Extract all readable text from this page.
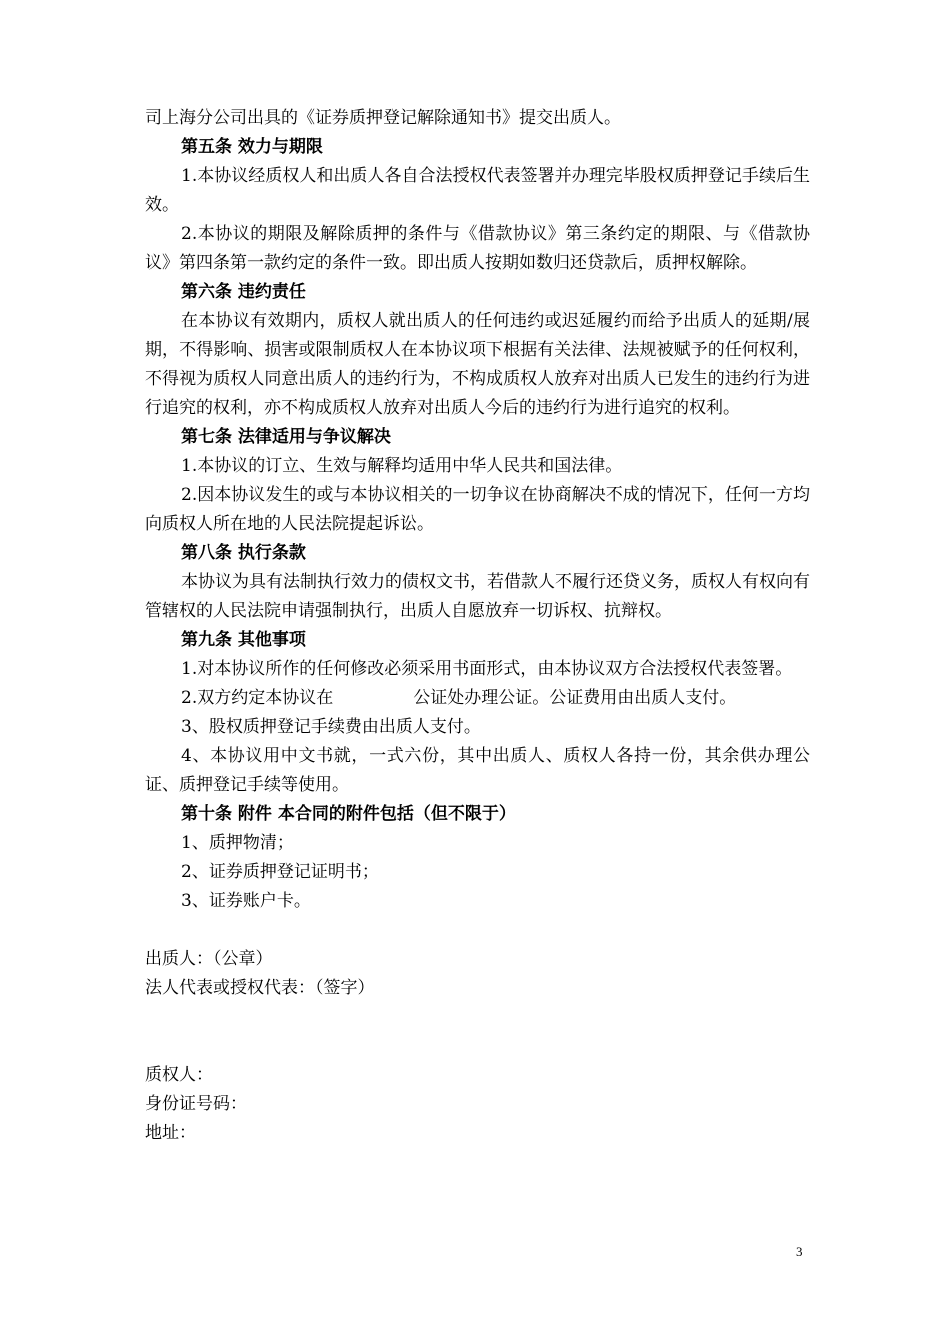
司上海分公司出具的《证券质押登记解除通知书》提交出质人。

第五条 效力与期限

1.本协议经质权人和出质人各自合法授权代表签署并办理完毕股权质押登记手续后生效。

2.本协议的期限及解除质押的条件与《借款协议》第三条约定的期限、与《借款协议》第四条第一款约定的条件一致。即出质人按期如数归还贷款后，质押权解除。

第六条 违约责任

在本协议有效期内，质权人就出质人的任何违约或迟延履约而给予出质人的延期/展期，不得影响、损害或限制质权人在本协议项下根据有关法律、法规被赋予的任何权利，不得视为质权人同意出质人的违约行为，不构成质权人放弃对出质人已发生的违约行为进行追究的权利，亦不构成质权人放弃对出质人今后的违约行为进行追究的权利。

第七条 法律适用与争议解决

1.本协议的订立、生效与解释均适用中华人民共和国法律。

2.因本协议发生的或与本协议相关的一切争议在协商解决不成的情况下，任何一方均向质权人所在地的人民法院提起诉讼。

第八条 执行条款

本协议为具有法制执行效力的债权文书，若借款人不履行还贷义务，质权人有权向有管辖权的人民法院申请强制执行，出质人自愿放弃一切诉权、抗辩权。

第九条 其他事项

1.对本协议所作的任何修改必须采用书面形式，由本协议双方合法授权代表签署。

2.双方约定本协议在	公证处办理公证。公证费用由出质人支付。

3、股权质押登记手续费由出质人支付。

4、本协议用中文书就，一式六份，其中出质人、质权人各持一份，其余供办理公证、质押登记手续等使用。

第十条 附件 本合同的附件包括（但不限于）

1、质押物清；

2、证券质押登记证明书；

3、证券账户卡。

出质人：（公章）

法人代表或授权代表：（签字）

质权人：

身份证号码：

地址：

3
